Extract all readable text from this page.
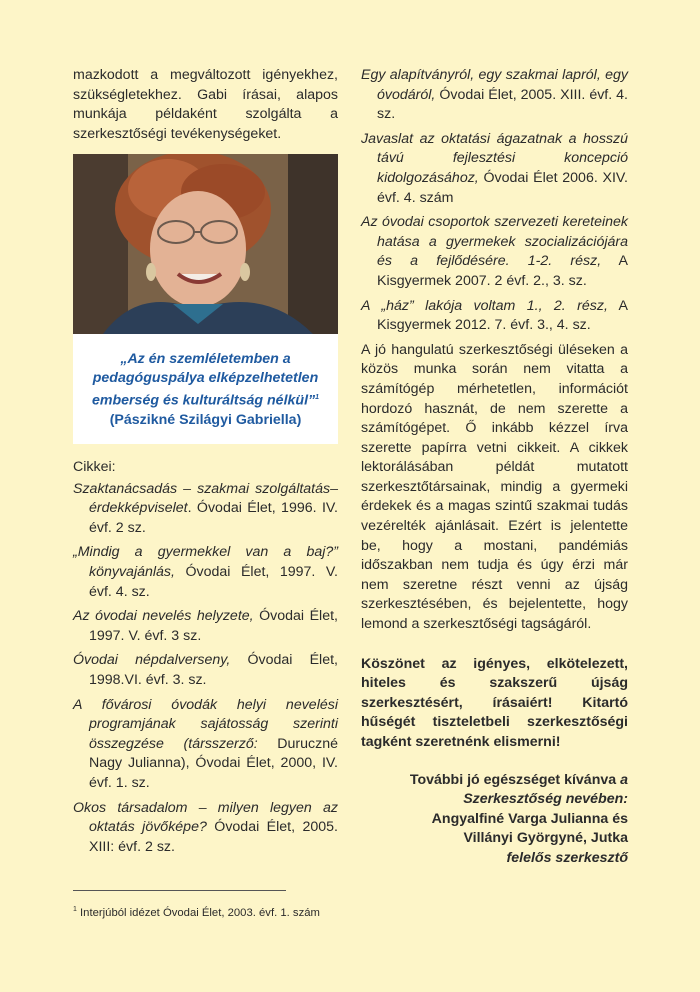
mazkodott a megváltozott igényekhez, szükségletekhez. Gabi írásai, alapos munkája példaként szolgálta a szerkesztőségi tevékenységeket.

„Az én szemléletemben a pedagóguspálya elképzelhetetlen emberség és kulturáltság nélkül”$^1$
(Pászikné Szilágyi Gabriella)

Cikkei:

Szaktanácsadás – szakmai szolgáltatás–érdekképviselet. Óvodai Élet, 1996. IV. évf. 2 sz.

„Mindig a gyermekkel van a baj?” könyvajánlás, Óvodai Élet, 1997. V. évf. 4. sz.

Az óvodai nevelés helyzete, Óvodai Élet, 1997. V. évf. 3 sz.

Óvodai népdalverseny, Óvodai Élet, 1998.VI. évf. 3. sz.

A fővárosi óvodák helyi nevelési programjának sajátosság szerinti összegzése (társszerző: Duruczné Nagy Julianna), Óvodai Élet, 2000, IV. évf. 1. sz.

Okos társadalom – milyen legyen az oktatás jövőképe? Óvodai Élet, 2005. XIII: évf. 2 sz.

$^1$ Interjúból idézet Óvodai Élet, 2003. évf. 1. szám

Egy alapítványról, egy szakmai lapról, egy óvodáról, Óvodai Élet, 2005. XIII. évf. 4. sz.

Javaslat az oktatási ágazatnak a hosszú távú fejlesztési koncepció kidolgozásához, Óvodai Élet 2006. XIV. évf. 4. szám

Az óvodai csoportok szervezeti kereteinek hatása a gyermekek szocializációjára és a fejlődésére. 1-2. rész, A Kisgyermek 2007. 2 évf. 2., 3. sz.

A „ház” lakója voltam 1., 2. rész, A Kisgyermek 2012. 7. évf. 3., 4. sz.

A jó hangulatú szerkesztőségi üléseken a közös munka során nem vitatta a számítógép mérhetetlen, információt hordozó hasznát, de nem szerette a számítógépet. Ő inkább kézzel írva szerette papírra vetni cikkeit. A cikkek lektorálásában példát mutatott szerkesztőtársainak, mindig a gyermeki érdekek és a magas szintű szakmai tudás vezérelték ajánlásait. Ezért is jelentette be, hogy a mostani, pandémiás időszakban nem tudja és úgy érzi már nem szeretne részt venni az újság szerkesztésében, és bejelentette, hogy lemond a szerkesztőségi tagságáról.

Köszönet az igényes, elkötelezett, hiteles és szakszerű újság szerkesztésért, írásaiért! Kitartó hűségét tiszteletbeli szerkesztőségi tagként szeretnénk elismerni!

További jó egészséget kívánva a
Szerkesztőség nevében:
Angyalfiné Varga Julianna és
Villányi Györgyné, Jutka
felelős szerkesztő
